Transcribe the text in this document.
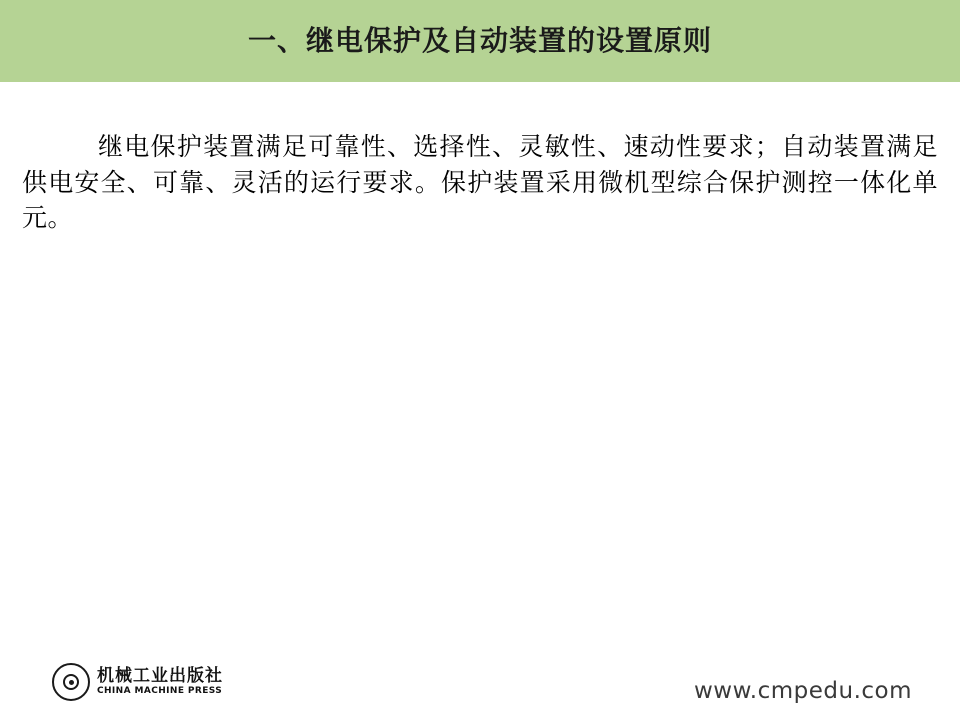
一、继电保护及自动装置的设置原则

继电保护装置满足可靠性、选择性、灵敏性、速动性要求；自动装置满足供电安全、可靠、灵活的运行要求。保护装置采用微机型综合保护测控一体化单元。

机械工业出版社
CHINA MACHINE PRESS	www.cmpedu.com
